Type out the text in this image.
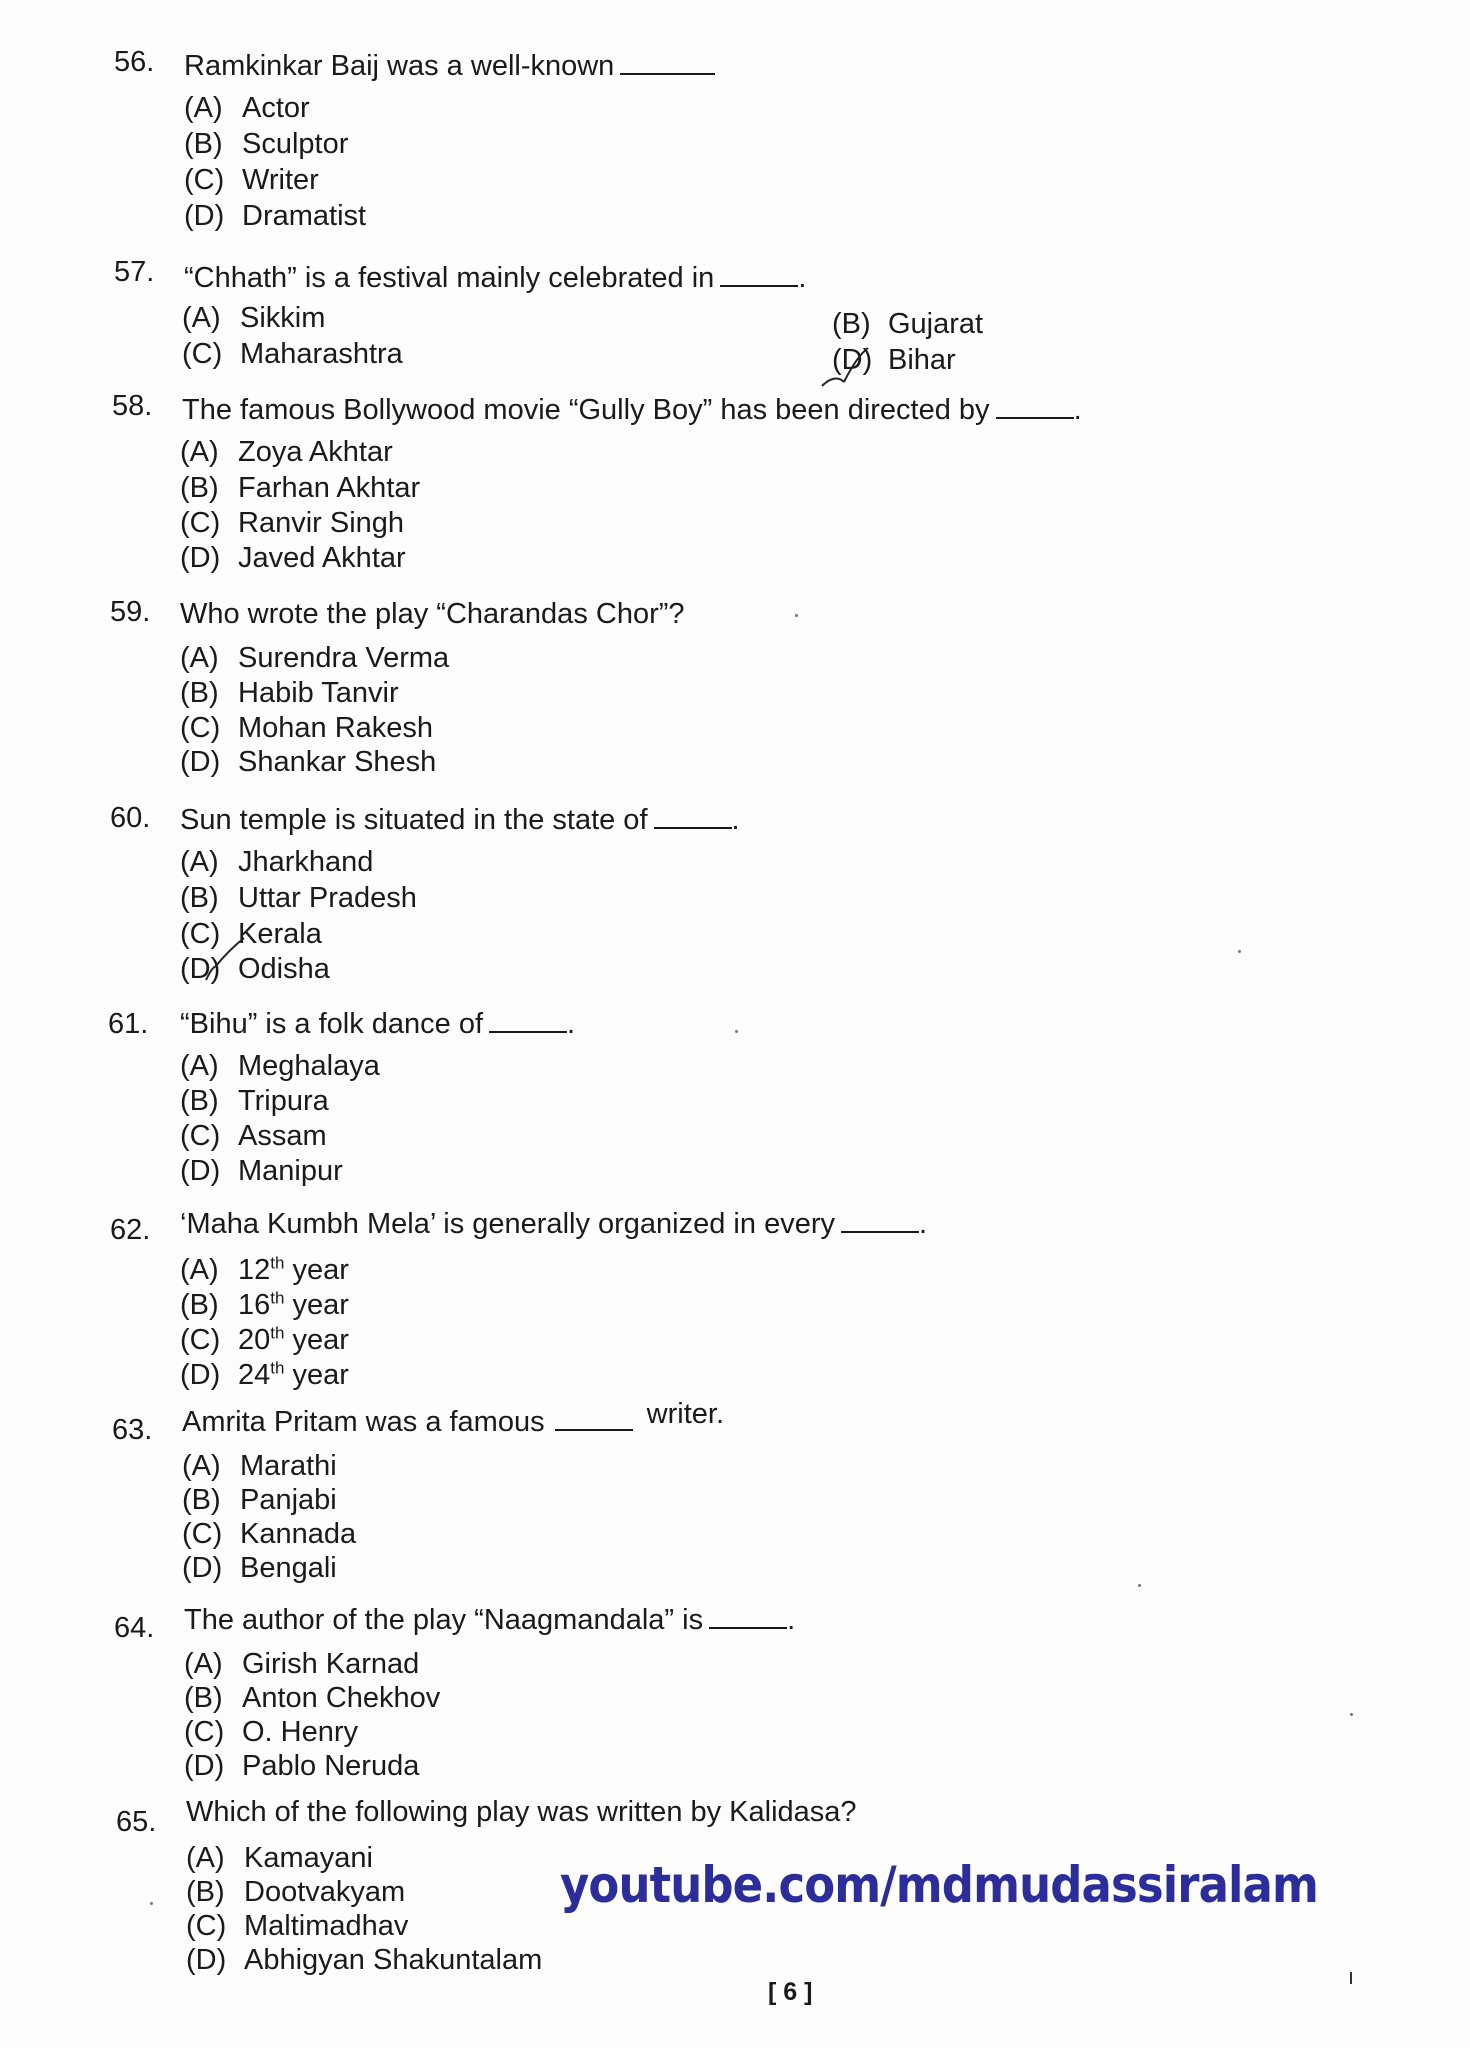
56. Ramkinkar Baij was a well-known
(A) Actor
(B) Sculptor
(C) Writer
(D) Dramatist
57. “Chhath” is a festival mainly celebrated in	.
(A) Sikkim	(B) Gujarat
(C) Maharashtra	(D) Bihar
58. The famous Bollywood movie “Gully Boy” has been directed by	.
(A) Zoya Akhtar
(B) Farhan Akhtar
(C) Ranvir Singh
(D) Javed Akhtar
59. Who wrote the play “Charandas Chor”?
(A) Surendra Verma
(B) Habib Tanvir
(C) Mohan Rakesh
(D) Shankar Shesh
60. Sun temple is situated in the state of	.
(A) Jharkhand
(B) Uttar Pradesh
(C) Kerala
(D) Odisha
61. “Bihu” is a folk dance of	.
(A) Meghalaya
(B) Tripura
(C) Assam
(D) Manipur
62. ‘Maha Kumbh Mela’ is generally organized in every	.
(A) 12th year
(B) 16th year
(C) 20th year
(D) 24th year
63. Amrita Pritam was a famous	writer.
(A) Marathi
(B) Panjabi
(C) Kannada
(D) Bengali
64. The author of the play “Naagmandala” is	.
(A) Girish Karnad
(B) Anton Chekhov
(C) O. Henry
(D) Pablo Neruda
65. Which of the following play was written by Kalidasa?
(A) Kamayani
(B) Dootvakyam
(C) Maltimadhav
(D) Abhigyan Shakuntalam
youtube.com/mdmudassiralam
[ 6 ]
